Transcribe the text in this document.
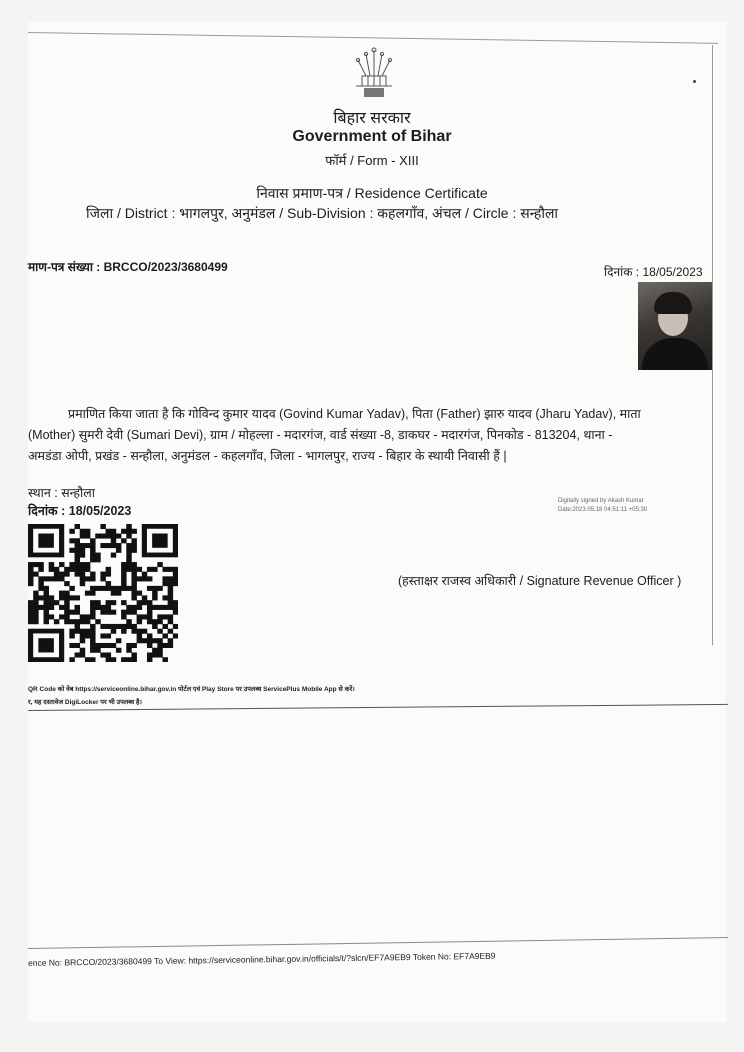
बिहार सरकार
Government of Bihar
फॉर्म / Form - XIII
निवास प्रमाण-पत्र / Residence Certificate
जिला / District : भागलपुर, अनुमंडल / Sub-Division : कहलगाँव, अंचल / Circle : सन्हौला
माण-पत्र संख्या : BRCCO/2023/3680499	दिनांक : 18/05/2023
प्रमाणित किया जाता है कि गोविन्द कुमार यादव (Govind Kumar Yadav), पिता (Father) झारु यादव (Jharu Yadav), माता
(Mother) सुमरी देवी (Sumari Devi), ग्राम / मोहल्ला - मदारगंज, वार्ड संख्या -8, डाकघर - मदारगंज, पिनकोड - 813204, थाना -
अमडंडा ओपी, प्रखंड - सन्हौला, अनुमंडल - कहलगाँव, जिला - भागलपुर, राज्य - बिहार के स्थायी निवासी हैं |
स्थान : सन्हौला
दिनांक : 18/05/2023
Digitally signed by Akash Kumar
Date:2023.05.18 04:51:11 +05:30
(हस्ताक्षर राजस्व अधिकारी / Signature Revenue Officer )
QR Code को वेब https://serviceonline.bihar.gov.in पोर्टल एवं Play Store पर उपलब्ध ServicePlus Mobile App से करें।
र, यह दस्तावेज DigiLocker पर भी उपलब्ध है।
ence No: BRCCO/2023/3680499 To View: https://serviceonline.bihar.gov.in/officials/t/?slcn/EF7A9EB9 Token No: EF7A9EB9
